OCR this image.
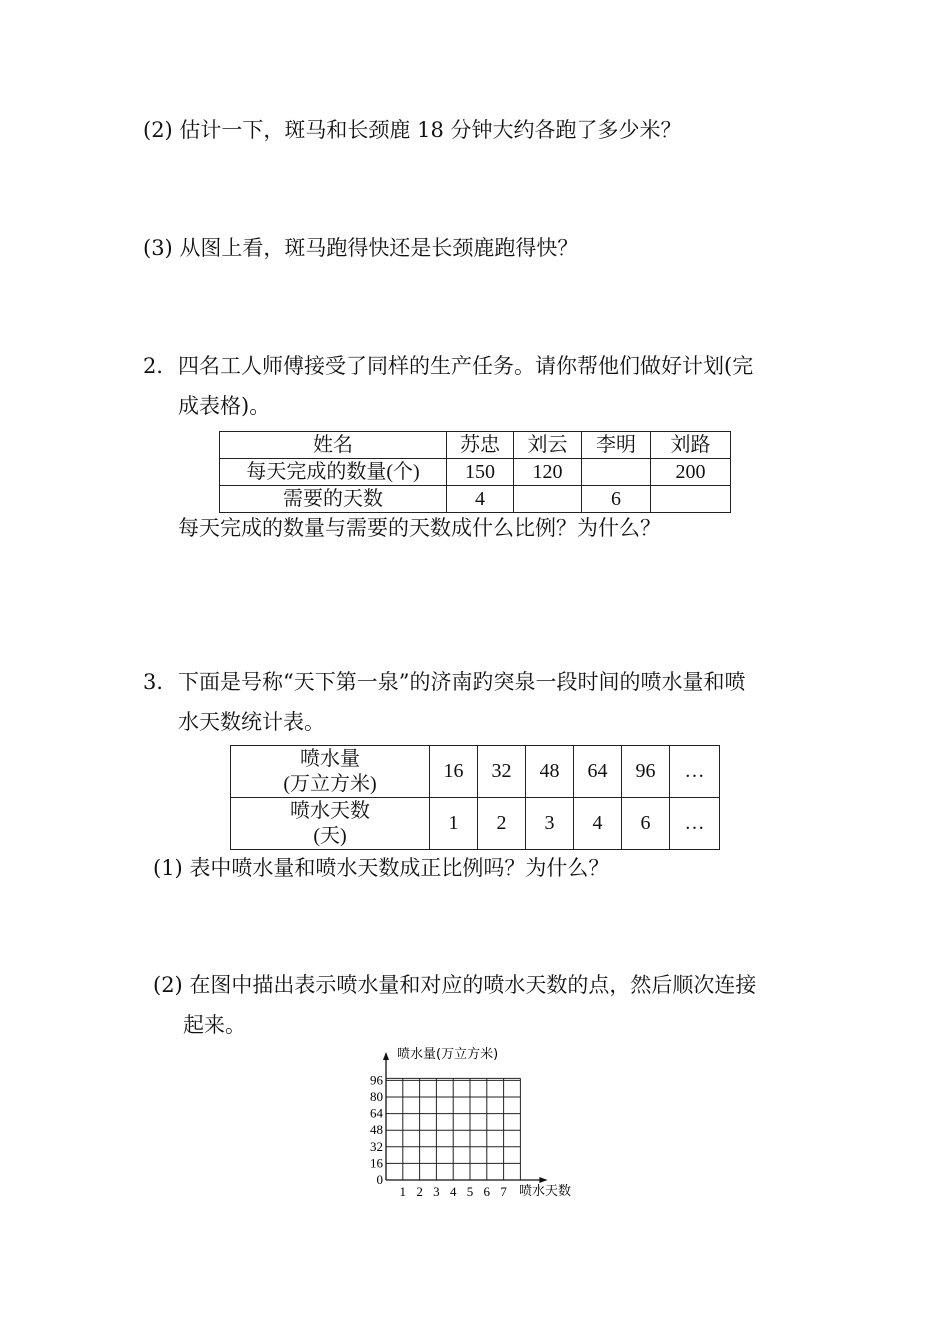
(2) 估计一下，斑马和长颈鹿 18 分钟大约各跑了多少米？
(3) 从图上看，斑马跑得快还是长颈鹿跑得快？
2． 四名工人师傅接受了同样的生产任务。请你帮他们做好计划(完
成表格)。
姓名	苏忠	刘云	李明	刘路
每天完成的数量(个)	150	120		200
需要的天数	4		6	
每天完成的数量与需要的天数成什么比例？为什么？
3． 下面是号称“天下第一泉”的济南趵突泉一段时间的喷水量和喷
水天数统计表。
喷水量
(万立方米)	16	32	48	64	96	…

喷水天数
(天)	1	2	3	4	6	…
(1) 表中喷水量和喷水天数成正比例吗？为什么？
(2) 在图中描出表示喷水量和对应的喷水天数的点，然后顺次连接
起来。
喷水量(万立方米)
喷水天数
0
16
32
48
64
80
96
1 2 3 4 5 6 7
